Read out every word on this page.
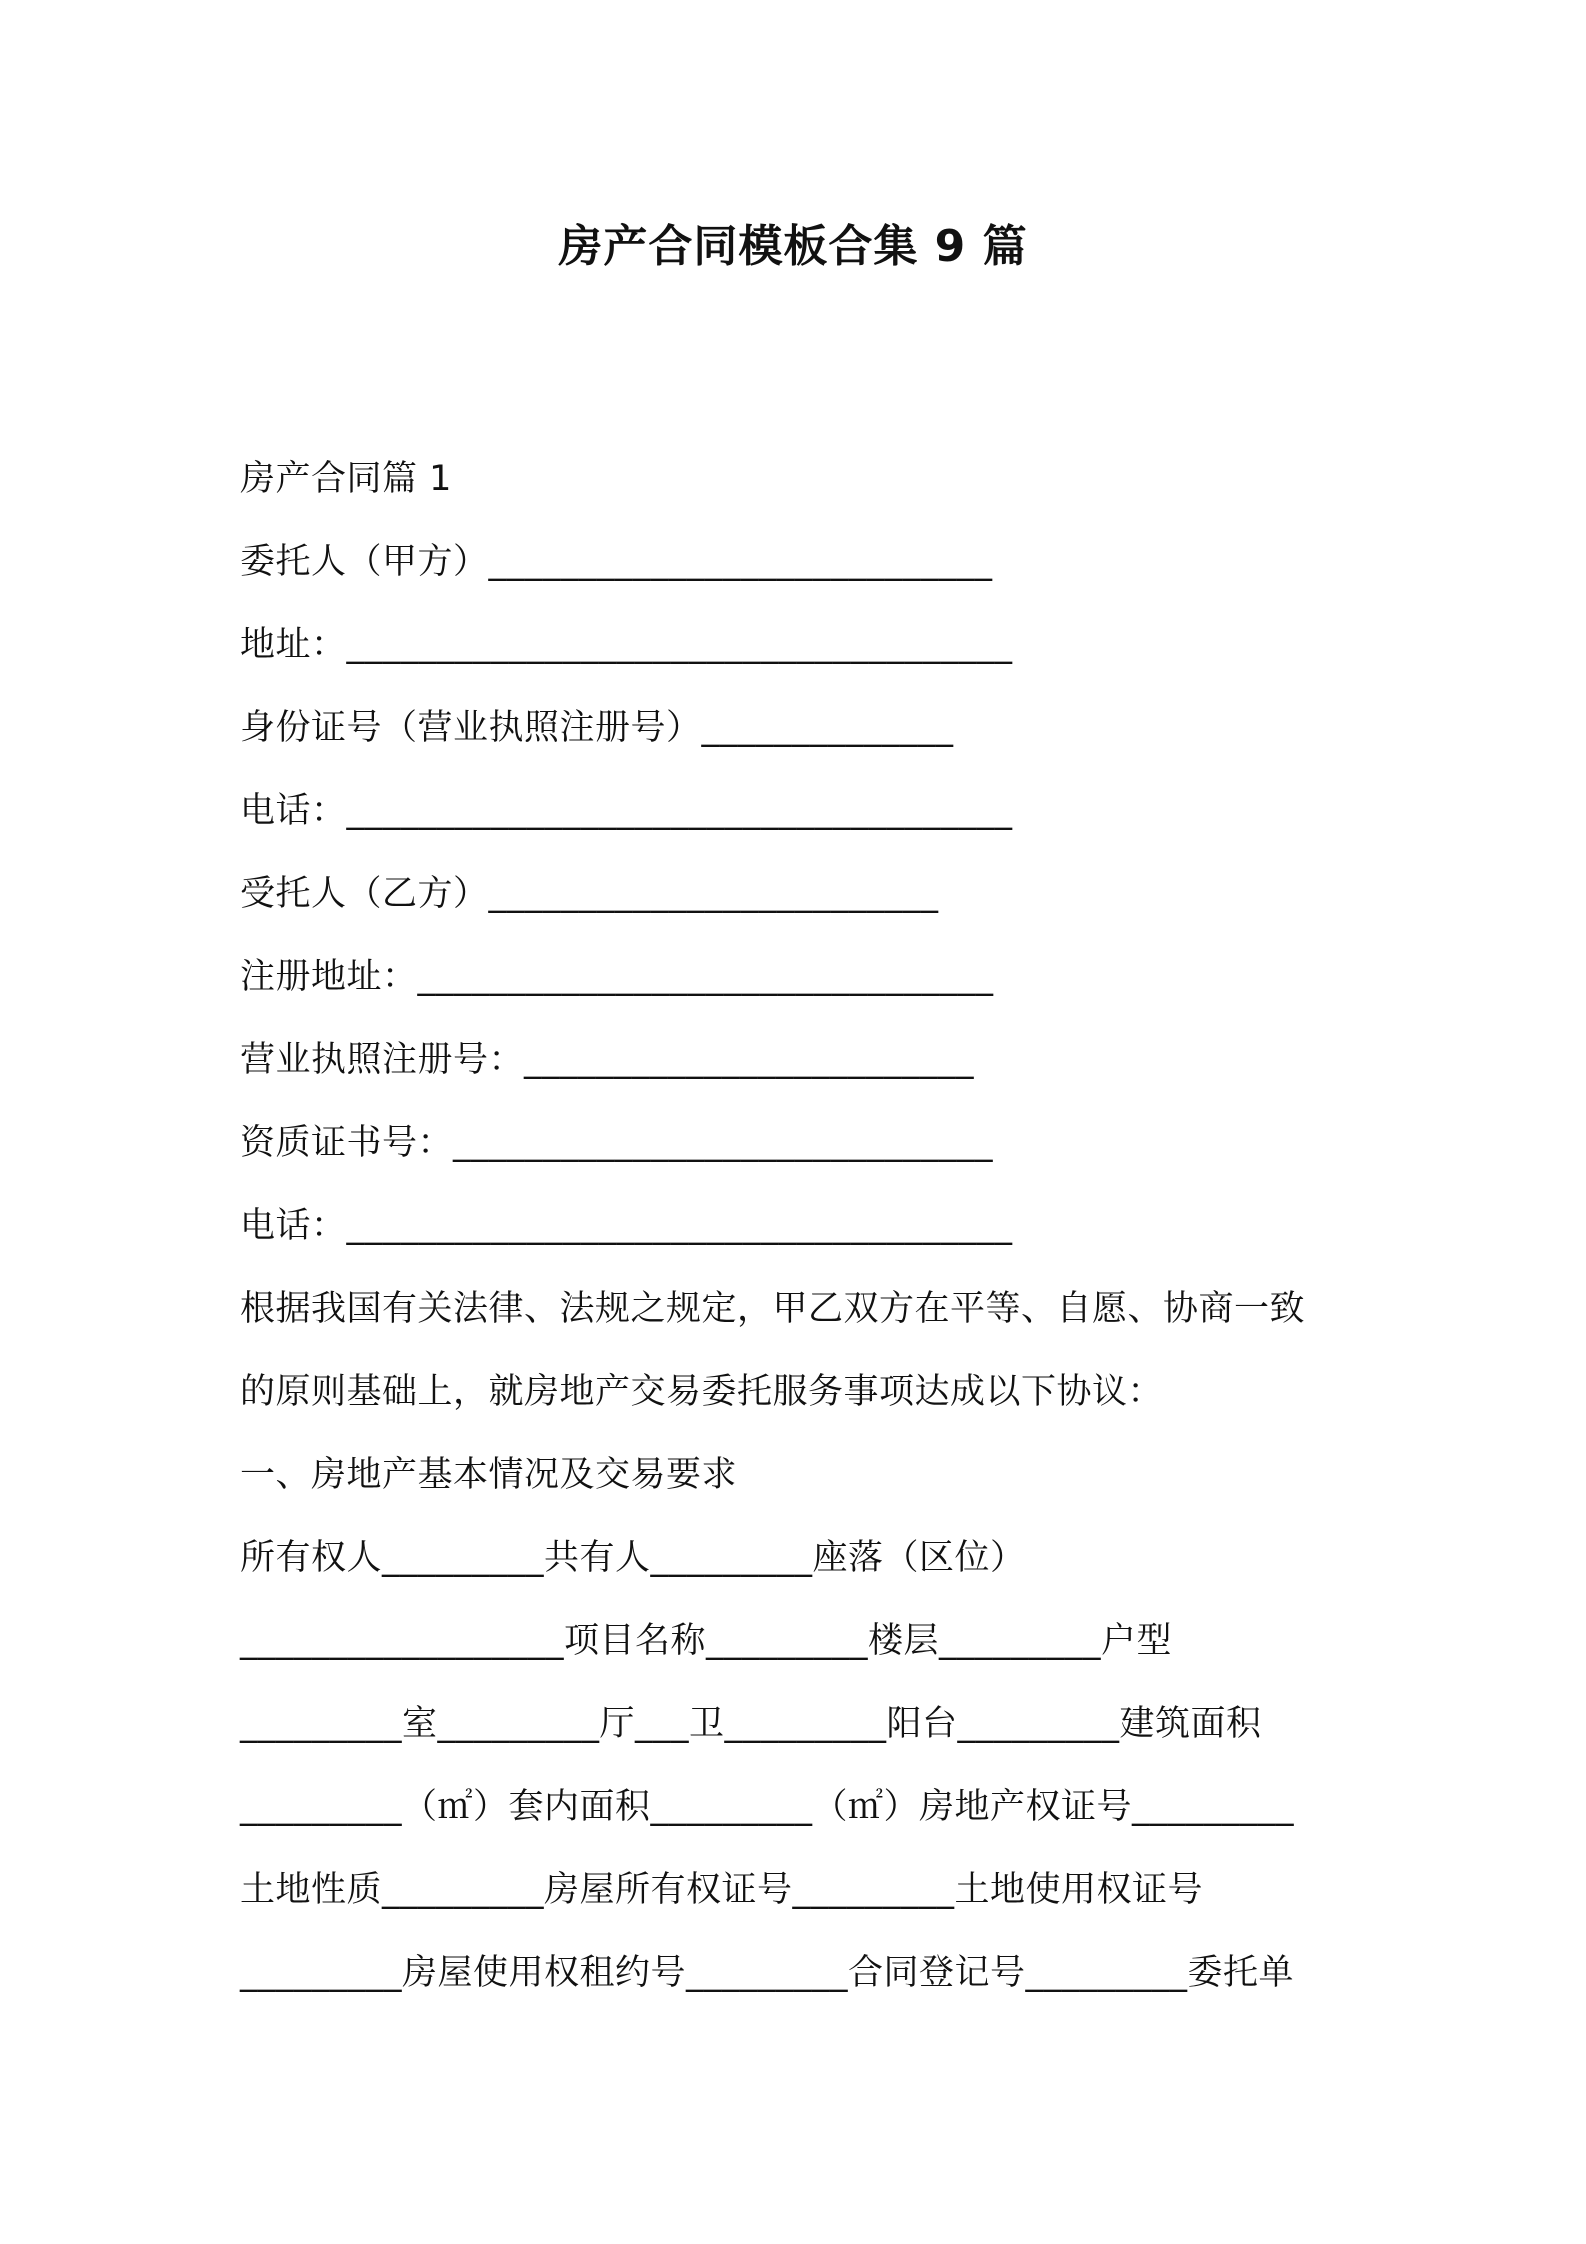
房产合同模板合集 9 篇
房产合同篇 1
委托人（甲方）____________________________
地址：_____________________________________
身份证号（营业执照注册号）______________
电话：_____________________________________
受托人（乙方）_________________________
注册地址：________________________________
营业执照注册号：_________________________
资质证书号：______________________________
电话：_____________________________________
根据我国有关法律、法规之规定，甲乙双方在平等、自愿、协商一致
的原则基础上，就房地产交易委托服务事项达成以下协议：
一、房地产基本情况及交易要求
所有权人_________共有人_________座落（区位）
__________________项目名称_________楼层_________户型
_________室_________厅___卫_________阳台_________建筑面积
_________（㎡）套内面积_________（㎡）房地产权证号_________
土地性质_________房屋所有权证号_________土地使用权证号
_________房屋使用权租约号_________合同登记号_________委托单
